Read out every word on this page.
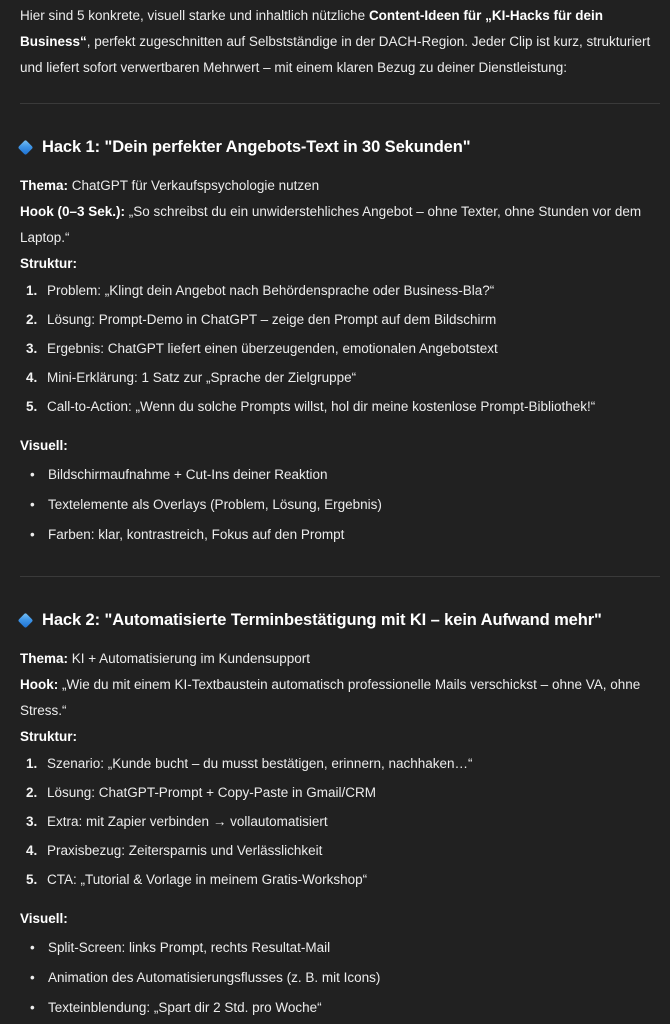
Hier sind 5 konkrete, visuell starke und inhaltlich nützliche Content-Ideen für „KI-Hacks für dein Business“, perfekt zugeschnitten auf Selbstständige in der DACH-Region. Jeder Clip ist kurz, strukturiert und liefert sofort verwertbaren Mehrwert – mit einem klaren Bezug zu deiner Dienstleistung:

Hack 1: "Dein perfekter Angebots-Text in 30 Sekunden"
Thema: ChatGPT für Verkaufspsychologie nutzen
Hook (0–3 Sek.): „So schreibst du ein unwiderstehliches Angebot – ohne Texter, ohne Stunden vor dem Laptop.“
Struktur:
1. Problem: „Klingt dein Angebot nach Behördensprache oder Business-Bla?“
2. Lösung: Prompt-Demo in ChatGPT – zeige den Prompt auf dem Bildschirm
3. Ergebnis: ChatGPT liefert einen überzeugenden, emotionalen Angebotstext
4. Mini-Erklärung: 1 Satz zur „Sprache der Zielgruppe“
5. Call-to-Action: „Wenn du solche Prompts willst, hol dir meine kostenlose Prompt-Bibliothek!“
Visuell:
• Bildschirmaufnahme + Cut-Ins deiner Reaktion
• Textelemente als Overlays (Problem, Lösung, Ergebnis)
• Farben: klar, kontrastreich, Fokus auf den Prompt
Hack 2: "Automatisierte Terminbestätigung mit KI – kein Aufwand mehr"
Thema: KI + Automatisierung im Kundensupport
Hook: „Wie du mit einem KI-Textbaustein automatisch professionelle Mails verschickst – ohne VA, ohne Stress.“
Struktur:
1. Szenario: „Kunde bucht – du musst bestätigen, erinnern, nachhaken…“
2. Lösung: ChatGPT-Prompt + Copy-Paste in Gmail/CRM
3. Extra: mit Zapier verbinden → vollautomatisiert
4. Praxisbezug: Zeitersparnis und Verlässlichkeit
5. CTA: „Tutorial & Vorlage in meinem Gratis-Workshop“
Visuell:
• Split-Screen: links Prompt, rechts Resultat-Mail
• Animation des Automatisierungsflusses (z. B. mit Icons)
• Texteinblendung: „Spart dir 2 Std. pro Woche“
